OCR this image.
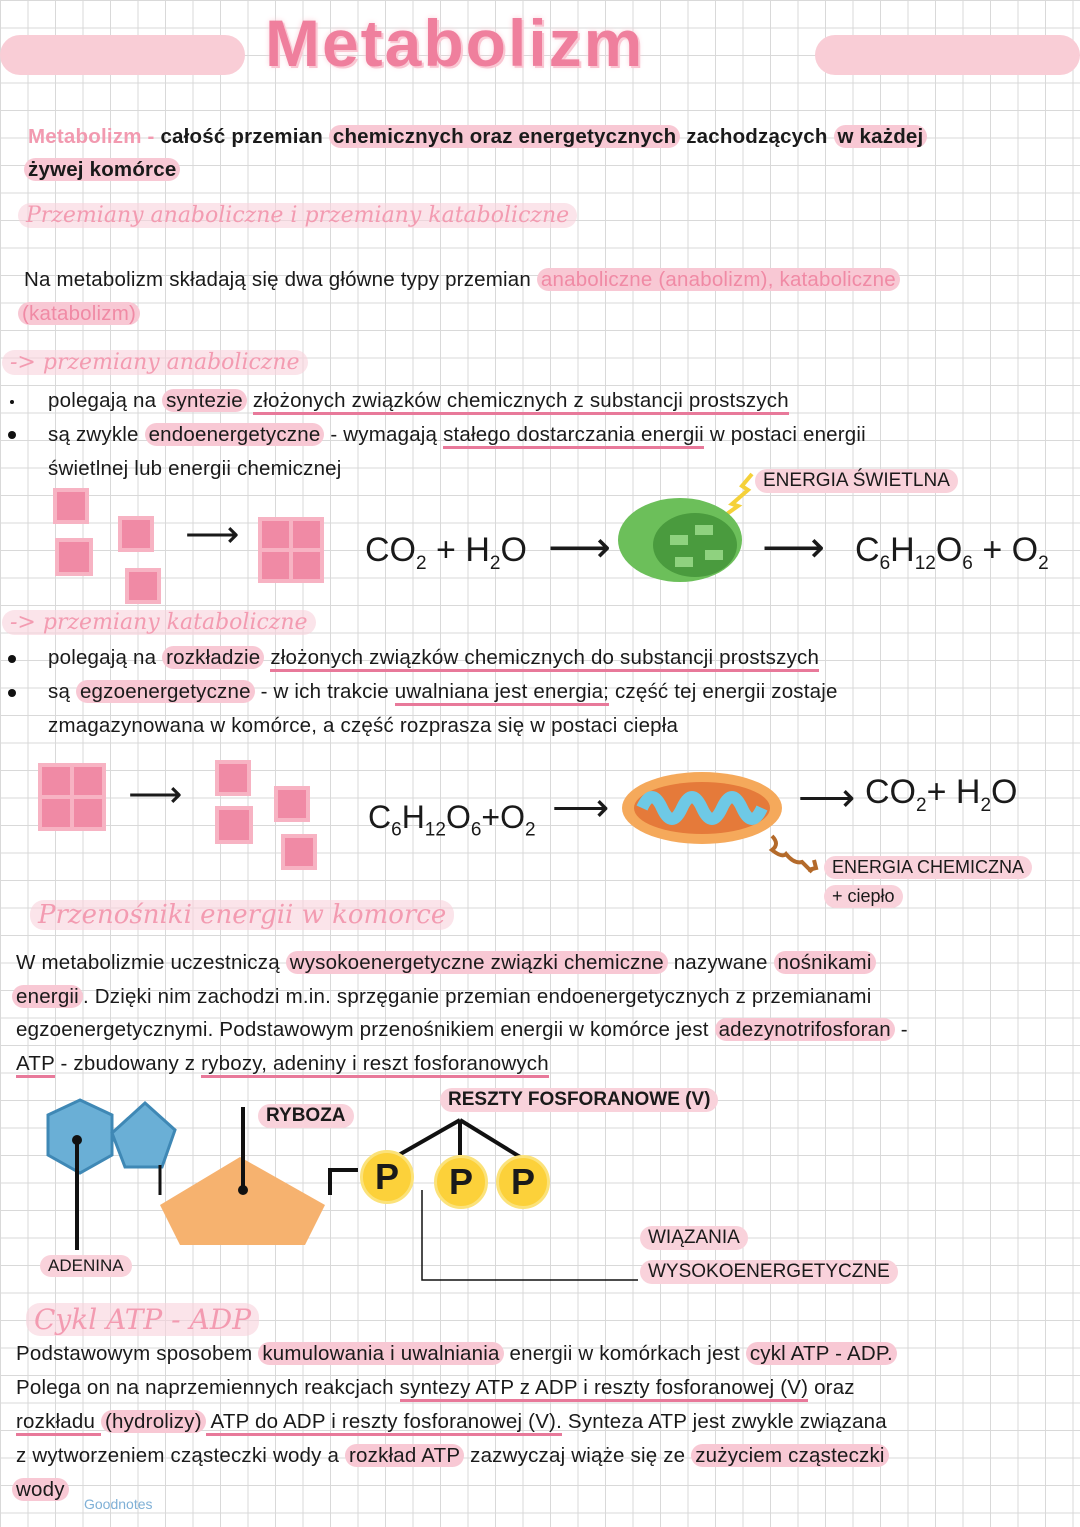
Metabolizm
Metabolizm - całość przemian chemicznych oraz energetycznych zachodzących w każdej
żywej komórce
Przemiany anaboliczne i przemiany kataboliczne
Na metabolizm składają się dwa główne typy przemian anaboliczne (anabolizm), kataboliczne
(katabolizm)
-> przemiany anaboliczne
polegają na syntezie złożonych związków chemicznych z substancji prostszych
są zwykle endoenergetyczne - wymagają stałego dostarczania energii w postaci energii
świetlnej lub energii chemicznej
ENERGIA ŚWIETLNA
⟶	$CO_2 + H_2O$ ⟶	⟶ $C_6H_{12}O_6 + O_2$
-> przemiany kataboliczne
polegają na rozkładzie złożonych związków chemicznych do substancji prostszych
są egzoenergetyczne - w ich trakcie uwalniana jest energia; część tej energii zostaje
zmagazynowana w komórce, a część rozprasza się w postaci ciepła
⟶
$C_6H_{12}O_6+O_2$ ⟶	⟶ $CO_2+ H_2O$
ENERGIA CHEMICZNA
+ ciepło
Przenośniki energii w komorce
W metabolizmie uczestniczą wysokoenergetyczne związki chemiczne nazywane nośnikami
energii . Dzięki nim zachodzi m.in. sprzęganie przemian endoenergetycznych z przemianami
egzoenergetycznymi. Podstawowym przenośnikiem energii w komórce jest adezynotrifosforan -
ATP - zbudowany z rybozy, adeniny i reszt fosforanowych
P	P	P
RYBOZA
RESZTY FOSFORANOWE (V)
ADENINA
WIĄZANIA
WYSOKOENERGETYCZNE
Cykl ATP - ADP
Podstawowym sposobem kumulowania i uwalniania energii w komórkach jest cykl ATP - ADP.
Polega on na naprzemiennych reakcjach syntezy ATP z ADP i reszty fosforanowej (V) oraz
rozkładu (hydrolizy) ATP do ADP i reszty fosforanowej (V). Synteza ATP jest zwykle związana
z wytworzeniem cząsteczki wody a rozkład ATP zazwyczaj wiąże się ze zużyciem cząsteczki
wody
Goodnotes
